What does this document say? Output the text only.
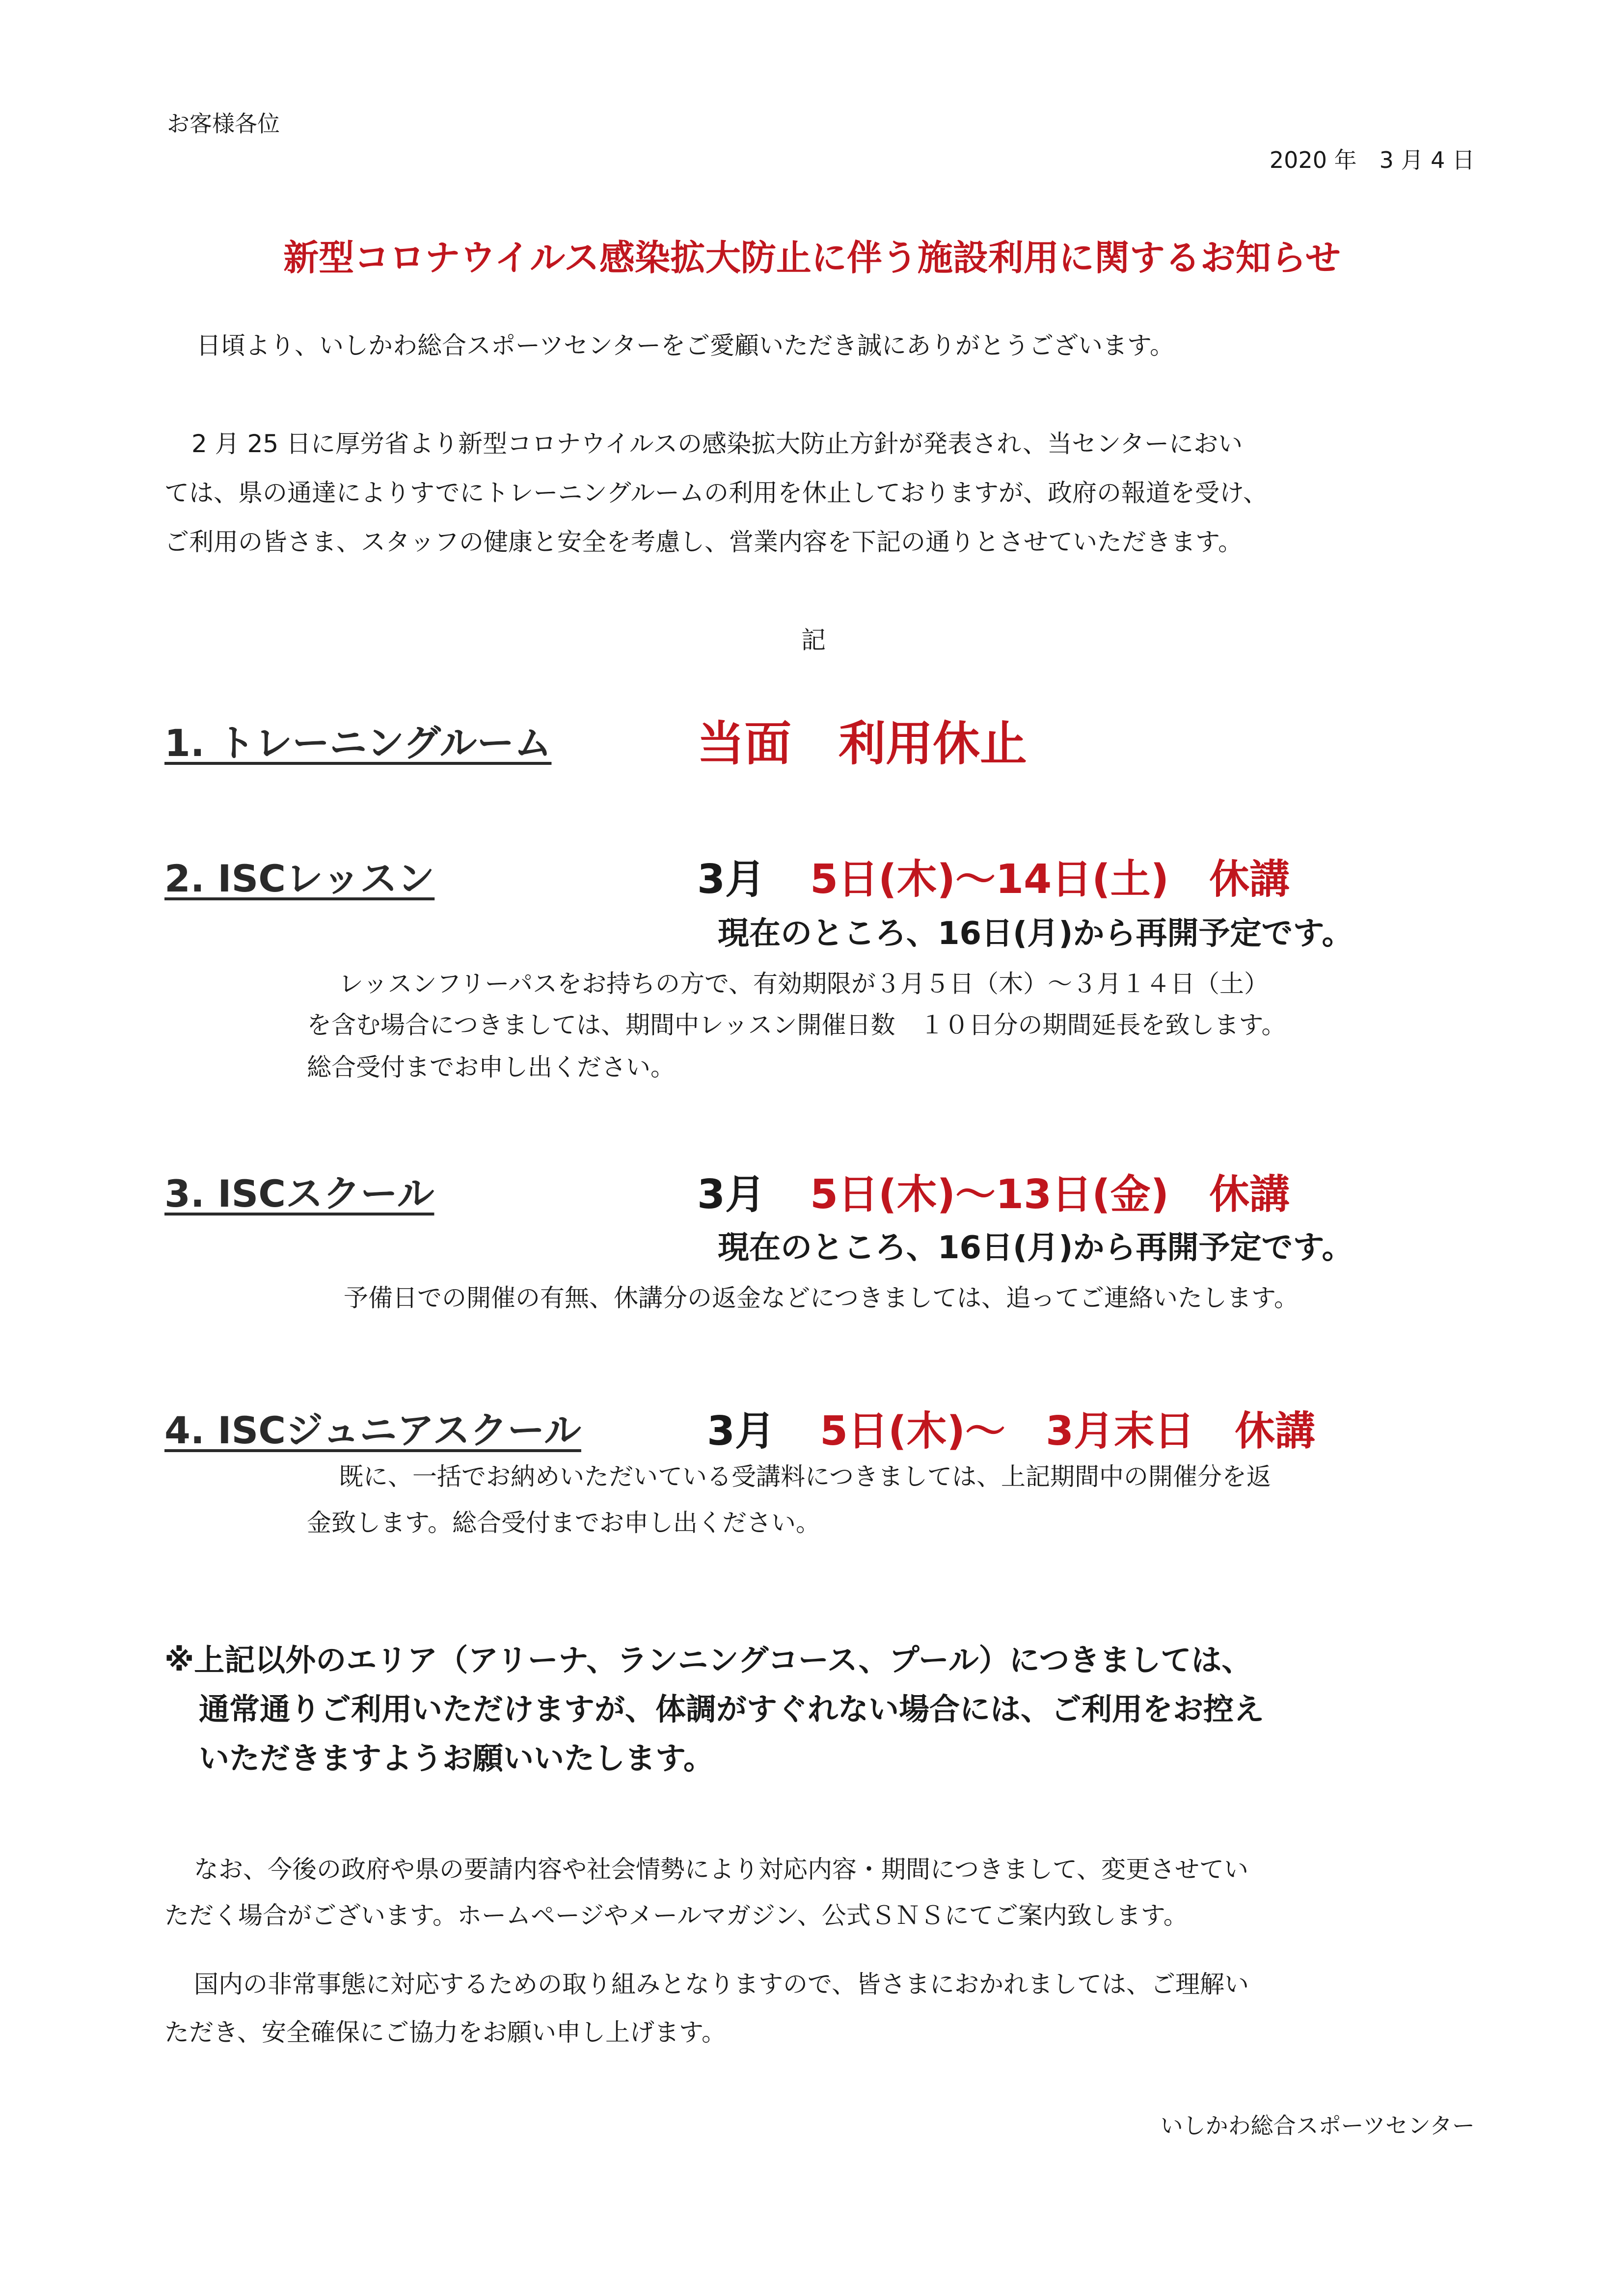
お客様各位
2020 年　3 月 4 日
新型コロナウイルス感染拡大防止に伴う施設利用に関するお知らせ
日頃より、いしかわ総合スポーツセンターをご愛顧いただき誠にありがとうございます。
2 月 25 日に厚労省より新型コロナウイルスの感染拡大防止方針が発表され、当センターにおい
ては、県の通達によりすでにトレーニングルームの利用を休止しておりますが、政府の報道を受け、
ご利用の皆さま、スタッフの健康と安全を考慮し、営業内容を下記の通りとさせていただきます。
記
1. トレーニングルーム	当面　利用休止
2. ISCレッスン	3月 5日(木)～14日(土)　休講
現在のところ、16日(月)から再開予定です。
レッスンフリーパスをお持ちの方で、有効期限が３月５日（木）～３月１４日（土）
を含む場合につきましては、期間中レッスン開催日数　１０日分の期間延長を致します。
総合受付までお申し出ください。
3. ISCスクール	3月 5日(木)～13日(金)　休講
現在のところ、16日(月)から再開予定です。
予備日での開催の有無、休講分の返金などにつきましては、追ってご連絡いたします。
4. ISCジュニアスクール	3月 5日(木)～　3月末日　休講
既に、一括でお納めいただいている受講料につきましては、上記期間中の開催分を返
金致します。総合受付までお申し出ください。
※上記以外のエリア（アリーナ、ランニングコース、プール）につきましては、
通常通りご利用いただけますが、体調がすぐれない場合には、ご利用をお控え
いただきますようお願いいたします。
なお、今後の政府や県の要請内容や社会情勢により対応内容・期間につきまして、変更させてい
ただく場合がございます。ホームページやメールマガジン、公式ＳＮＳにてご案内致します。
国内の非常事態に対応するための取り組みとなりますので、皆さまにおかれましては、ご理解い
ただき、安全確保にご協力をお願い申し上げます。
いしかわ総合スポーツセンター
